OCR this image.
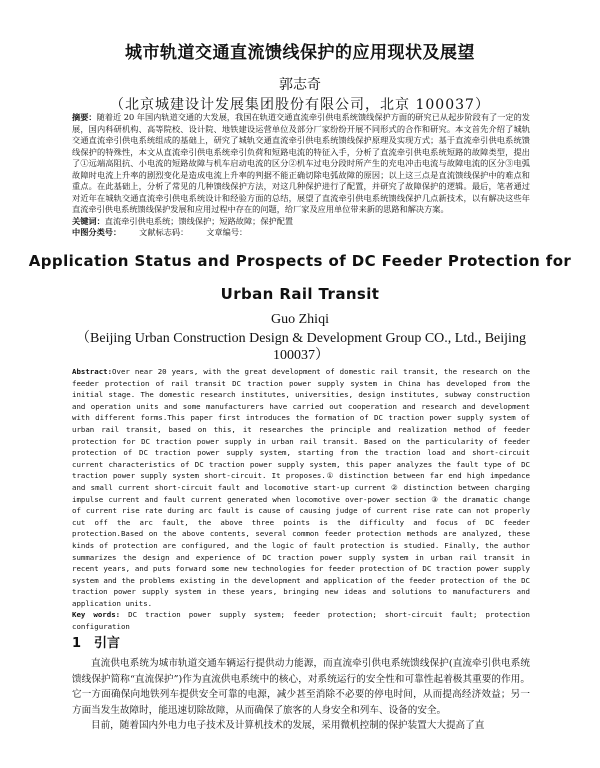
城市轨道交通直流馈线保护的应用现状及展望
郭志奇
（北京城建设计发展集团股份有限公司，北京 100037）
摘要：随着近 20 年国内轨道交通的大发展，我国在轨道交通直流牵引供电系统馈线保护方面的研究已从起步阶段有了一定的发展，国内科研机构、高等院校、设计院、地铁建设运营单位及部分厂家纷纷开展不同形式的合作和研究。本文首先介绍了城轨交通直流牵引供电系统组成的基础上，研究了城轨交通直流牵引供电系统馈线保护原理及实现方式；基于直流牵引供电系统馈线保护的特殊性，本文从直流牵引供电系统牵引负荷和短路电流的特征入手，分析了直流牵引供电系统短路的故障类型，提出了①远端高阻抗、小电流的短路故障与机车启动电流的区分②机车过电分段时所产生的充电冲击电流与故障电流的区分③电弧故障时电流上升率的剧烈变化是造成电流上升率的判据不能正确切除电弧故障的原因；以上这三点是直流馈线保护中的难点和重点。在此基础上，分析了常见的几种馈线保护方法，对这几种保护进行了配置，并研究了故障保护的逻辑。最后，笔者通过对近年在城轨交通直流牵引供电系统设计和经验方面的总结，展望了直流牵引供电系统馈线保护几点新技术，以有解决这些年直流牵引供电系统馈线保护发展和应用过程中存在的问题，给厂家及应用单位带来新的思路和解决方案。
关键词：直流牵引供电系统；馈线保护；短路故障；保护配置
中图分类号： 文献标志码： 文章编号：
Application Status and Prospects of DC Feeder Protection for
Urban Rail Transit
Guo Zhiqi
（Beijing Urban Construction Design & Development Group CO., Ltd., Beijing 100037）
Abstract:Over near 20 years, with the great development of domestic rail transit, the research on the feeder protection of rail transit DC traction power supply system in China has developed from the initial stage. The domestic research institutes, universities, design institutes, subway construction and operation units and some manufacturers have carried out cooperation and research and development with different forms.This paper first introduces the formation of DC traction power supply system of urban rail transit, based on this, it researches the principle and realization method of feeder protection for DC traction power supply in urban rail transit. Based on the particularity of feeder protection of DC traction power supply system, starting from the traction load and short-circuit current characteristics of DC traction power supply system, this paper analyzes the fault type of DC traction power supply system short-circuit. It proposes.① distinction between far end high impedance and small current short-circuit fault and locomotive start-up current ② distinction between charging impulse current and fault current generated when locomotive over-power section ③ the dramatic change of current rise rate during arc fault is cause of causing judge of current rise rate can not properly cut off the arc fault, the above three points is the difficulty and focus of DC feeder protection.Based on the above contents, several common feeder protection methods are analyzed, these kinds of protection are configured, and the logic of fault protection is studied. Finally, the author summarizes the design and experience of DC traction power supply system in urban rail transit in recent years, and puts forward some new technologies for feeder protection of DC traction power supply system and the problems existing in the development and application of the feeder protection of the DC traction power supply system in these years, bringing new ideas and solutions to manufacturers and application units.
Key words: DC traction power supply system; feeder protection; short-circuit fault; protection configuration
1 引言

直流供电系统为城市轨道交通车辆运行提供动力能源，而直流牵引供电系统馈线保护(直流牵引供电系统馈线保护简称“直流保护”)作为直流供电系统中的核心，对系统运行的安全性和可靠性起着极其重要的作用。它一方面确保向地铁列车提供安全可靠的电源，减少甚至消除不必要的停电时间，从而提高经济效益；另一方面当发生故障时，能迅速切除故障，从而确保了旅客的人身安全和列车、设备的安全。

目前，随着国内外电力电子技术及计算机技术的发展，采用微机控制的保护装置大大提高了直
